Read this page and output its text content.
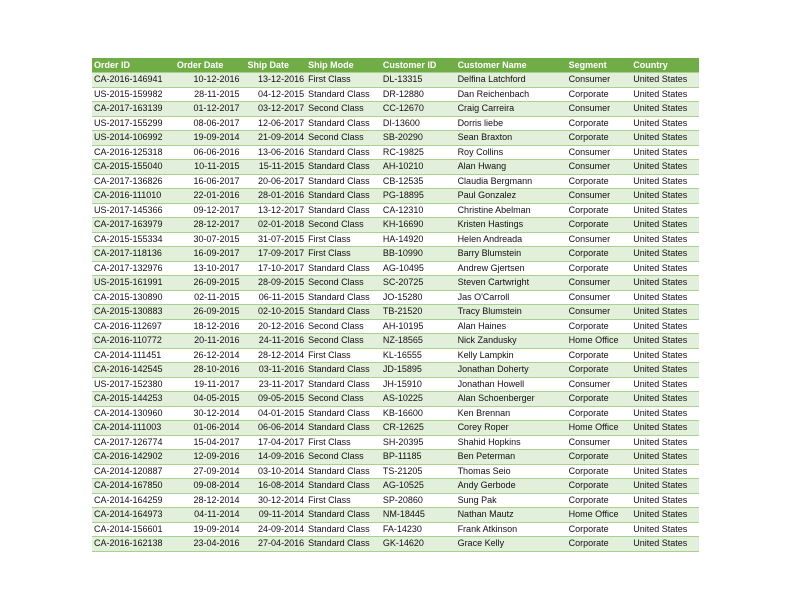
Order ID	Order Date	Ship Date	Ship Mode	Customer ID	Customer Name	Segment	Country
CA-2016-146941	10-12-2016	13-12-2016	First Class	DL-13315	Delfina Latchford	Consumer	United States
US-2015-159982	28-11-2015	04-12-2015	Standard Class	DR-12880	Dan Reichenbach	Corporate	United States
CA-2017-163139	01-12-2017	03-12-2017	Second Class	CC-12670	Craig Carreira	Consumer	United States
US-2017-155299	08-06-2017	12-06-2017	Standard Class	DI-13600	Dorris liebe	Corporate	United States
US-2014-106992	19-09-2014	21-09-2014	Second Class	SB-20290	Sean Braxton	Corporate	United States
CA-2016-125318	06-06-2016	13-06-2016	Standard Class	RC-19825	Roy Collins	Consumer	United States
CA-2015-155040	10-11-2015	15-11-2015	Standard Class	AH-10210	Alan Hwang	Consumer	United States
CA-2017-136826	16-06-2017	20-06-2017	Standard Class	CB-12535	Claudia Bergmann	Corporate	United States
CA-2016-111010	22-01-2016	28-01-2016	Standard Class	PG-18895	Paul Gonzalez	Consumer	United States
US-2017-145366	09-12-2017	13-12-2017	Standard Class	CA-12310	Christine Abelman	Corporate	United States
CA-2017-163979	28-12-2017	02-01-2018	Second Class	KH-16690	Kristen Hastings	Corporate	United States
CA-2015-155334	30-07-2015	31-07-2015	First Class	HA-14920	Helen Andreada	Consumer	United States
CA-2017-118136	16-09-2017	17-09-2017	First Class	BB-10990	Barry Blumstein	Corporate	United States
CA-2017-132976	13-10-2017	17-10-2017	Standard Class	AG-10495	Andrew Gjertsen	Corporate	United States
US-2015-161991	26-09-2015	28-09-2015	Second Class	SC-20725	Steven Cartwright	Consumer	United States
CA-2015-130890	02-11-2015	06-11-2015	Standard Class	JO-15280	Jas O'Carroll	Consumer	United States
CA-2015-130883	26-09-2015	02-10-2015	Standard Class	TB-21520	Tracy Blumstein	Consumer	United States
CA-2016-112697	18-12-2016	20-12-2016	Second Class	AH-10195	Alan Haines	Corporate	United States
CA-2016-110772	20-11-2016	24-11-2016	Second Class	NZ-18565	Nick Zandusky	Home Office	United States
CA-2014-111451	26-12-2014	28-12-2014	First Class	KL-16555	Kelly Lampkin	Corporate	United States
CA-2016-142545	28-10-2016	03-11-2016	Standard Class	JD-15895	Jonathan Doherty	Corporate	United States
US-2017-152380	19-11-2017	23-11-2017	Standard Class	JH-15910	Jonathan Howell	Consumer	United States
CA-2015-144253	04-05-2015	09-05-2015	Second Class	AS-10225	Alan Schoenberger	Corporate	United States
CA-2014-130960	30-12-2014	04-01-2015	Standard Class	KB-16600	Ken Brennan	Corporate	United States
CA-2014-111003	01-06-2014	06-06-2014	Standard Class	CR-12625	Corey Roper	Home Office	United States
CA-2017-126774	15-04-2017	17-04-2017	First Class	SH-20395	Shahid Hopkins	Consumer	United States
CA-2016-142902	12-09-2016	14-09-2016	Second Class	BP-11185	Ben Peterman	Corporate	United States
CA-2014-120887	27-09-2014	03-10-2014	Standard Class	TS-21205	Thomas Seio	Corporate	United States
CA-2014-167850	09-08-2014	16-08-2014	Standard Class	AG-10525	Andy Gerbode	Corporate	United States
CA-2014-164259	28-12-2014	30-12-2014	First Class	SP-20860	Sung Pak	Corporate	United States
CA-2014-164973	04-11-2014	09-11-2014	Standard Class	NM-18445	Nathan Mautz	Home Office	United States
CA-2014-156601	19-09-2014	24-09-2014	Standard Class	FA-14230	Frank Atkinson	Corporate	United States
CA-2016-162138	23-04-2016	27-04-2016	Standard Class	GK-14620	Grace Kelly	Corporate	United States
